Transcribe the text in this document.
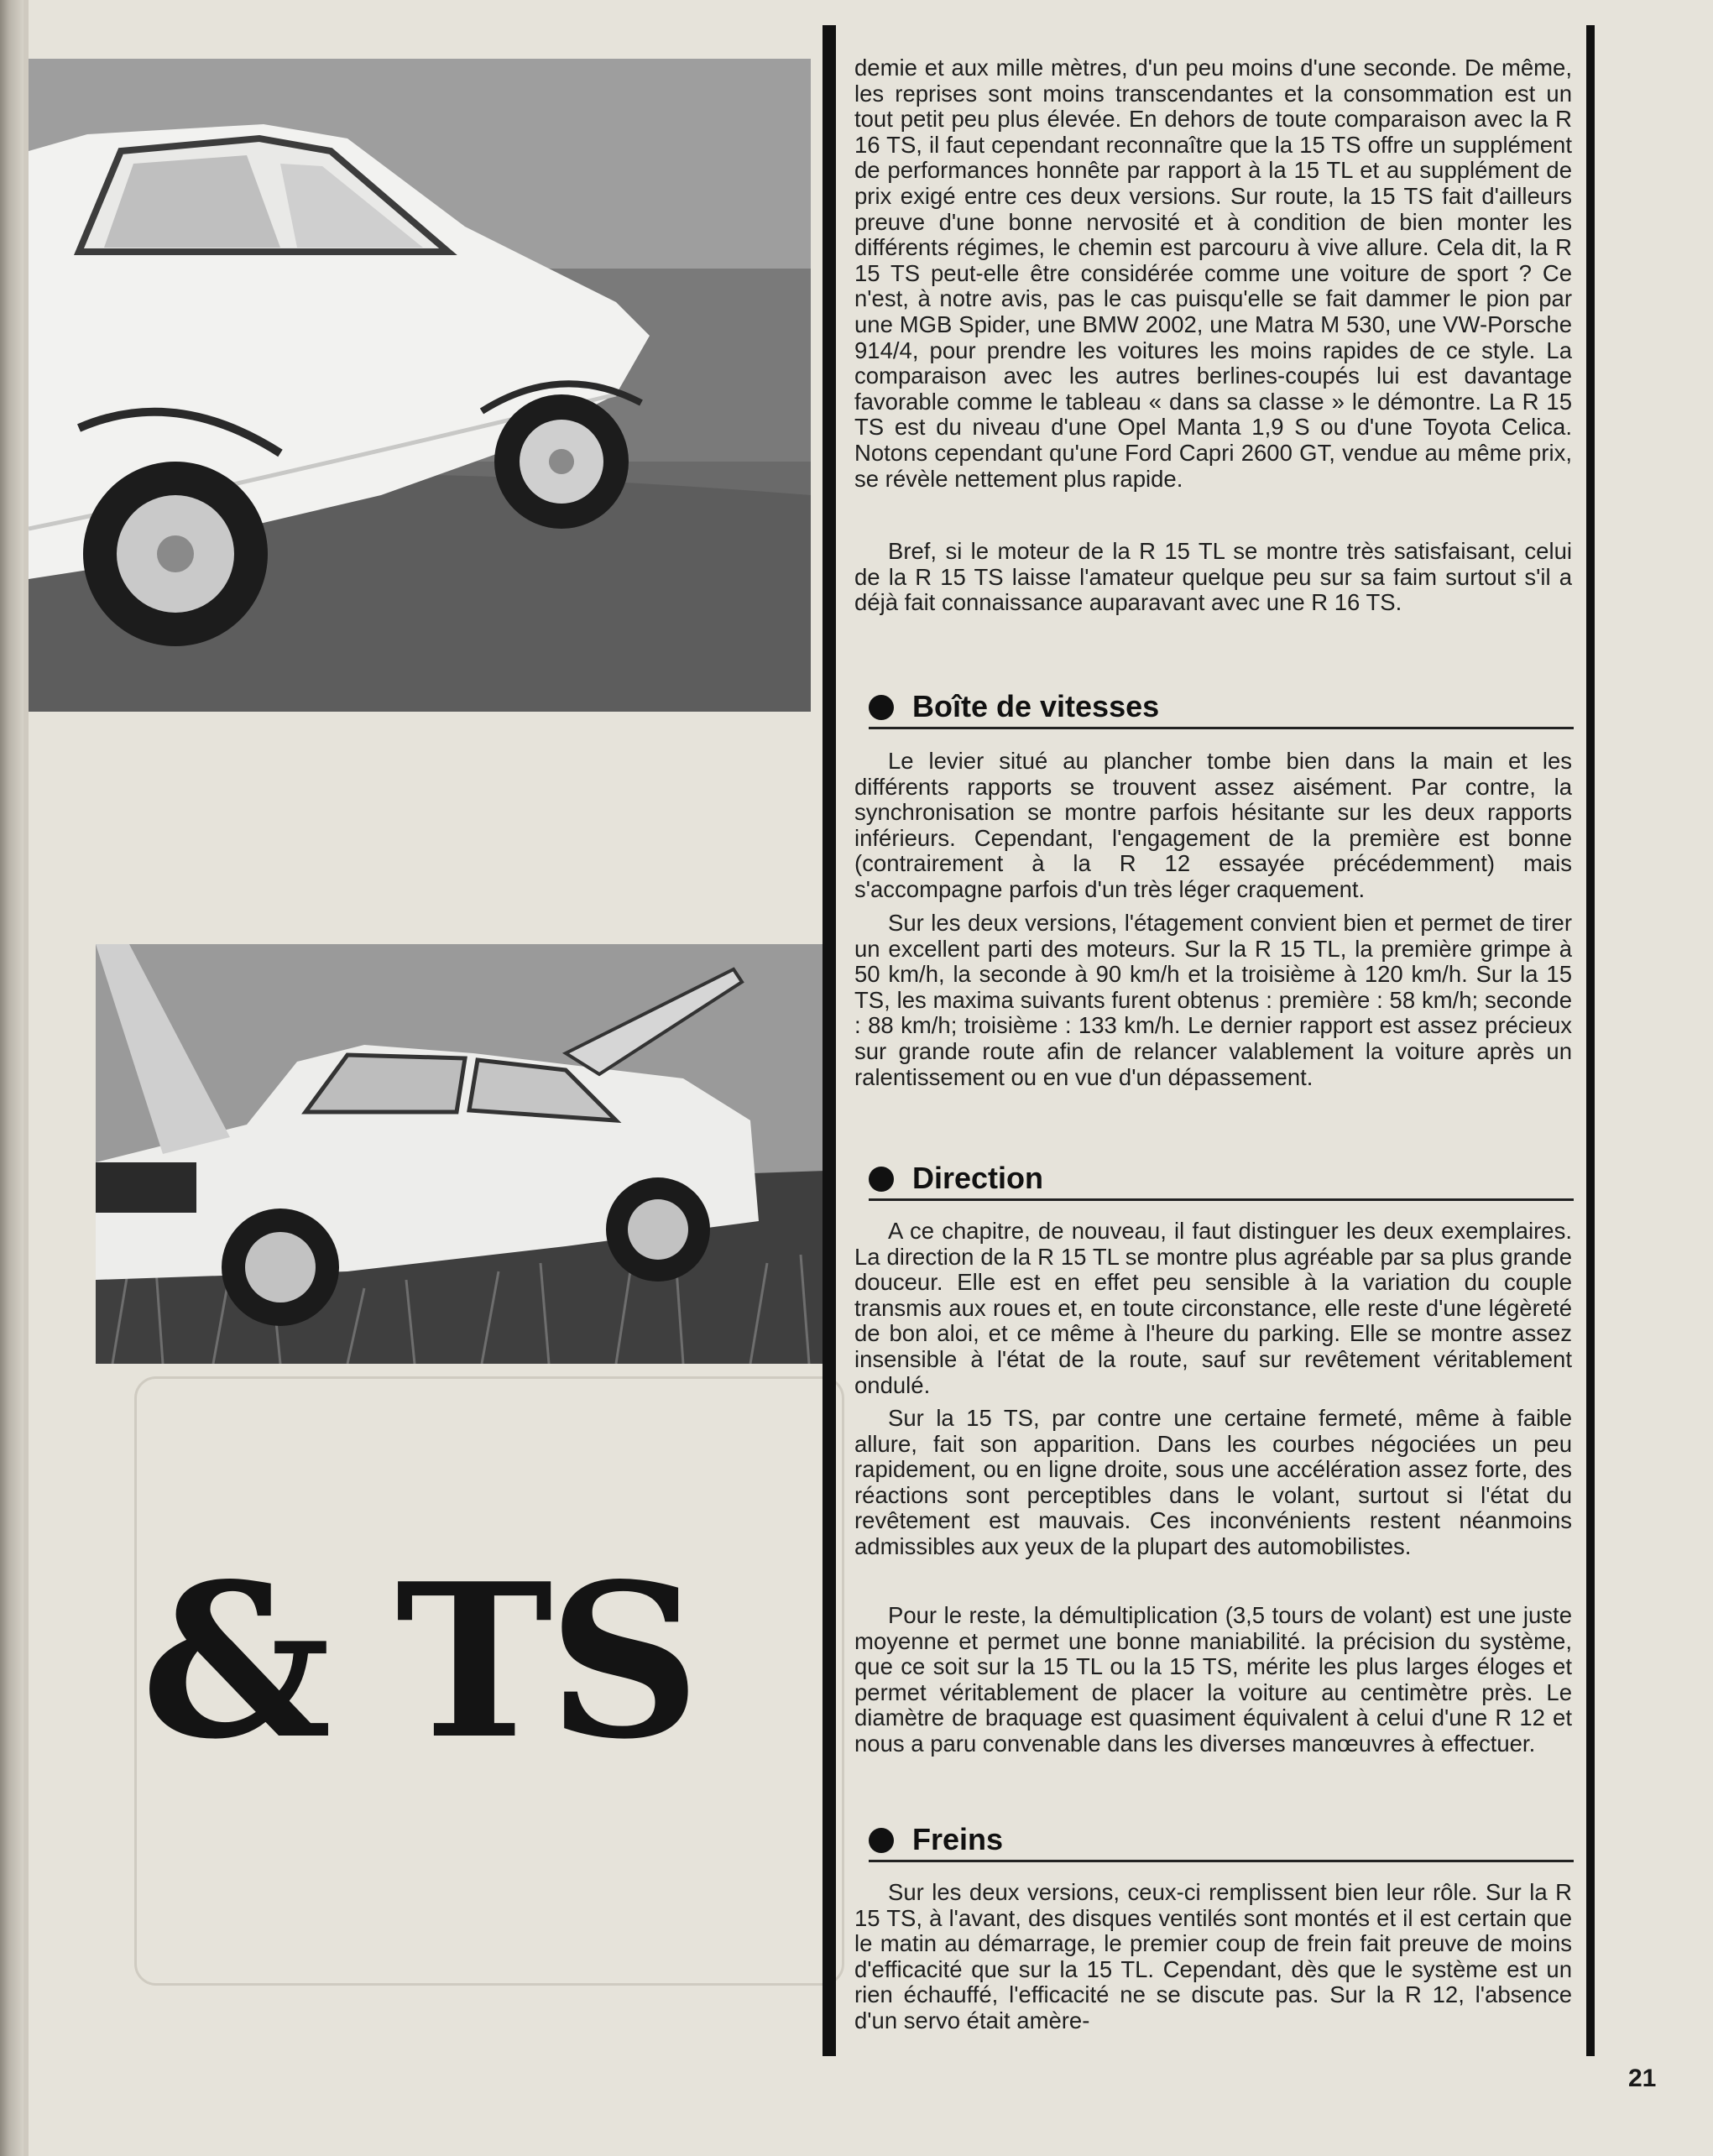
& TS

demie et aux mille mètres, d'un peu moins d'une seconde. De même, les reprises sont moins transcendantes et la consommation est un tout petit peu plus élevée. En dehors de toute comparaison avec la R 16 TS, il faut cependant reconnaître que la 15 TS offre un supplément de performances honnête par rapport à la 15 TL et au supplément de prix exigé entre ces deux versions. Sur route, la 15 TS fait d'ailleurs preuve d'une bonne nervosité et à condition de bien monter les différents régimes, le chemin est parcouru à vive allure. Cela dit, la R 15 TS peut-elle être considérée comme une voiture de sport ? Ce n'est, à notre avis, pas le cas puisqu'elle se fait dammer le pion par une MGB Spider, une BMW 2002, une Matra M 530, une VW-Porsche 914/4, pour prendre les voitures les moins rapides de ce style. La comparaison avec les autres berlines-coupés lui est davantage favorable comme le tableau « dans sa classe » le démontre. La R 15 TS est du niveau d'une Opel Manta 1,9 S ou d'une Toyota Celica. Notons cependant qu'une Ford Capri 2600 GT, vendue au même prix, se révèle nettement plus rapide.

Bref, si le moteur de la R 15 TL se montre très satisfaisant, celui de la R 15 TS laisse l'amateur quelque peu sur sa faim surtout s'il a déjà fait connaissance auparavant avec une R 16 TS.

Boîte de vitesses

Le levier situé au plancher tombe bien dans la main et les différents rapports se trouvent assez aisément. Par contre, la synchronisation se montre parfois hésitante sur les deux rapports inférieurs. Cependant, l'engagement de la première est bonne (contrairement à la R 12 essayée précédemment) mais s'accompagne parfois d'un très léger craquement.

Sur les deux versions, l'étagement convient bien et permet de tirer un excellent parti des moteurs. Sur la R 15 TL, la première grimpe à 50 km/h, la seconde à 90 km/h et la troisième à 120 km/h. Sur la 15 TS, les maxima suivants furent obtenus : première : 58 km/h; seconde : 88 km/h; troisième : 133 km/h. Le dernier rapport est assez précieux sur grande route afin de relancer valablement la voiture après un ralentissement ou en vue d'un dépassement.

Direction

A ce chapitre, de nouveau, il faut distinguer les deux exemplaires. La direction de la R 15 TL se montre plus agréable par sa plus grande douceur. Elle est en effet peu sensible à la variation du couple transmis aux roues et, en toute circonstance, elle reste d'une légèreté de bon aloi, et ce même à l'heure du parking. Elle se montre assez insensible à l'état de la route, sauf sur revêtement véritablement ondulé.

Sur la 15 TS, par contre une certaine fermeté, même à faible allure, fait son apparition. Dans les courbes négociées un peu rapidement, ou en ligne droite, sous une accélération assez forte, des réactions sont perceptibles dans le volant, surtout si l'état du revêtement est mauvais. Ces inconvénients restent néanmoins admissibles aux yeux de la plupart des automobilistes.

Pour le reste, la démultiplication (3,5 tours de volant) est une juste moyenne et permet une bonne maniabilité. la précision du système, que ce soit sur la 15 TL ou la 15 TS, mérite les plus larges éloges et permet véritablement de placer la voiture au centimètre près. Le diamètre de braquage est quasiment équivalent à celui d'une R 12 et nous a paru convenable dans les diverses manœuvres à effectuer.

Freins

Sur les deux versions, ceux-ci remplissent bien leur rôle. Sur la R 15 TS, à l'avant, des disques ventilés sont montés et il est certain que le matin au démarrage, le premier coup de frein fait preuve de moins d'efficacité que sur la 15 TL. Cependant, dès que le système est un rien échauffé, l'efficacité ne se discute pas. Sur la R 12, l'absence d'un servo était amère-

21
